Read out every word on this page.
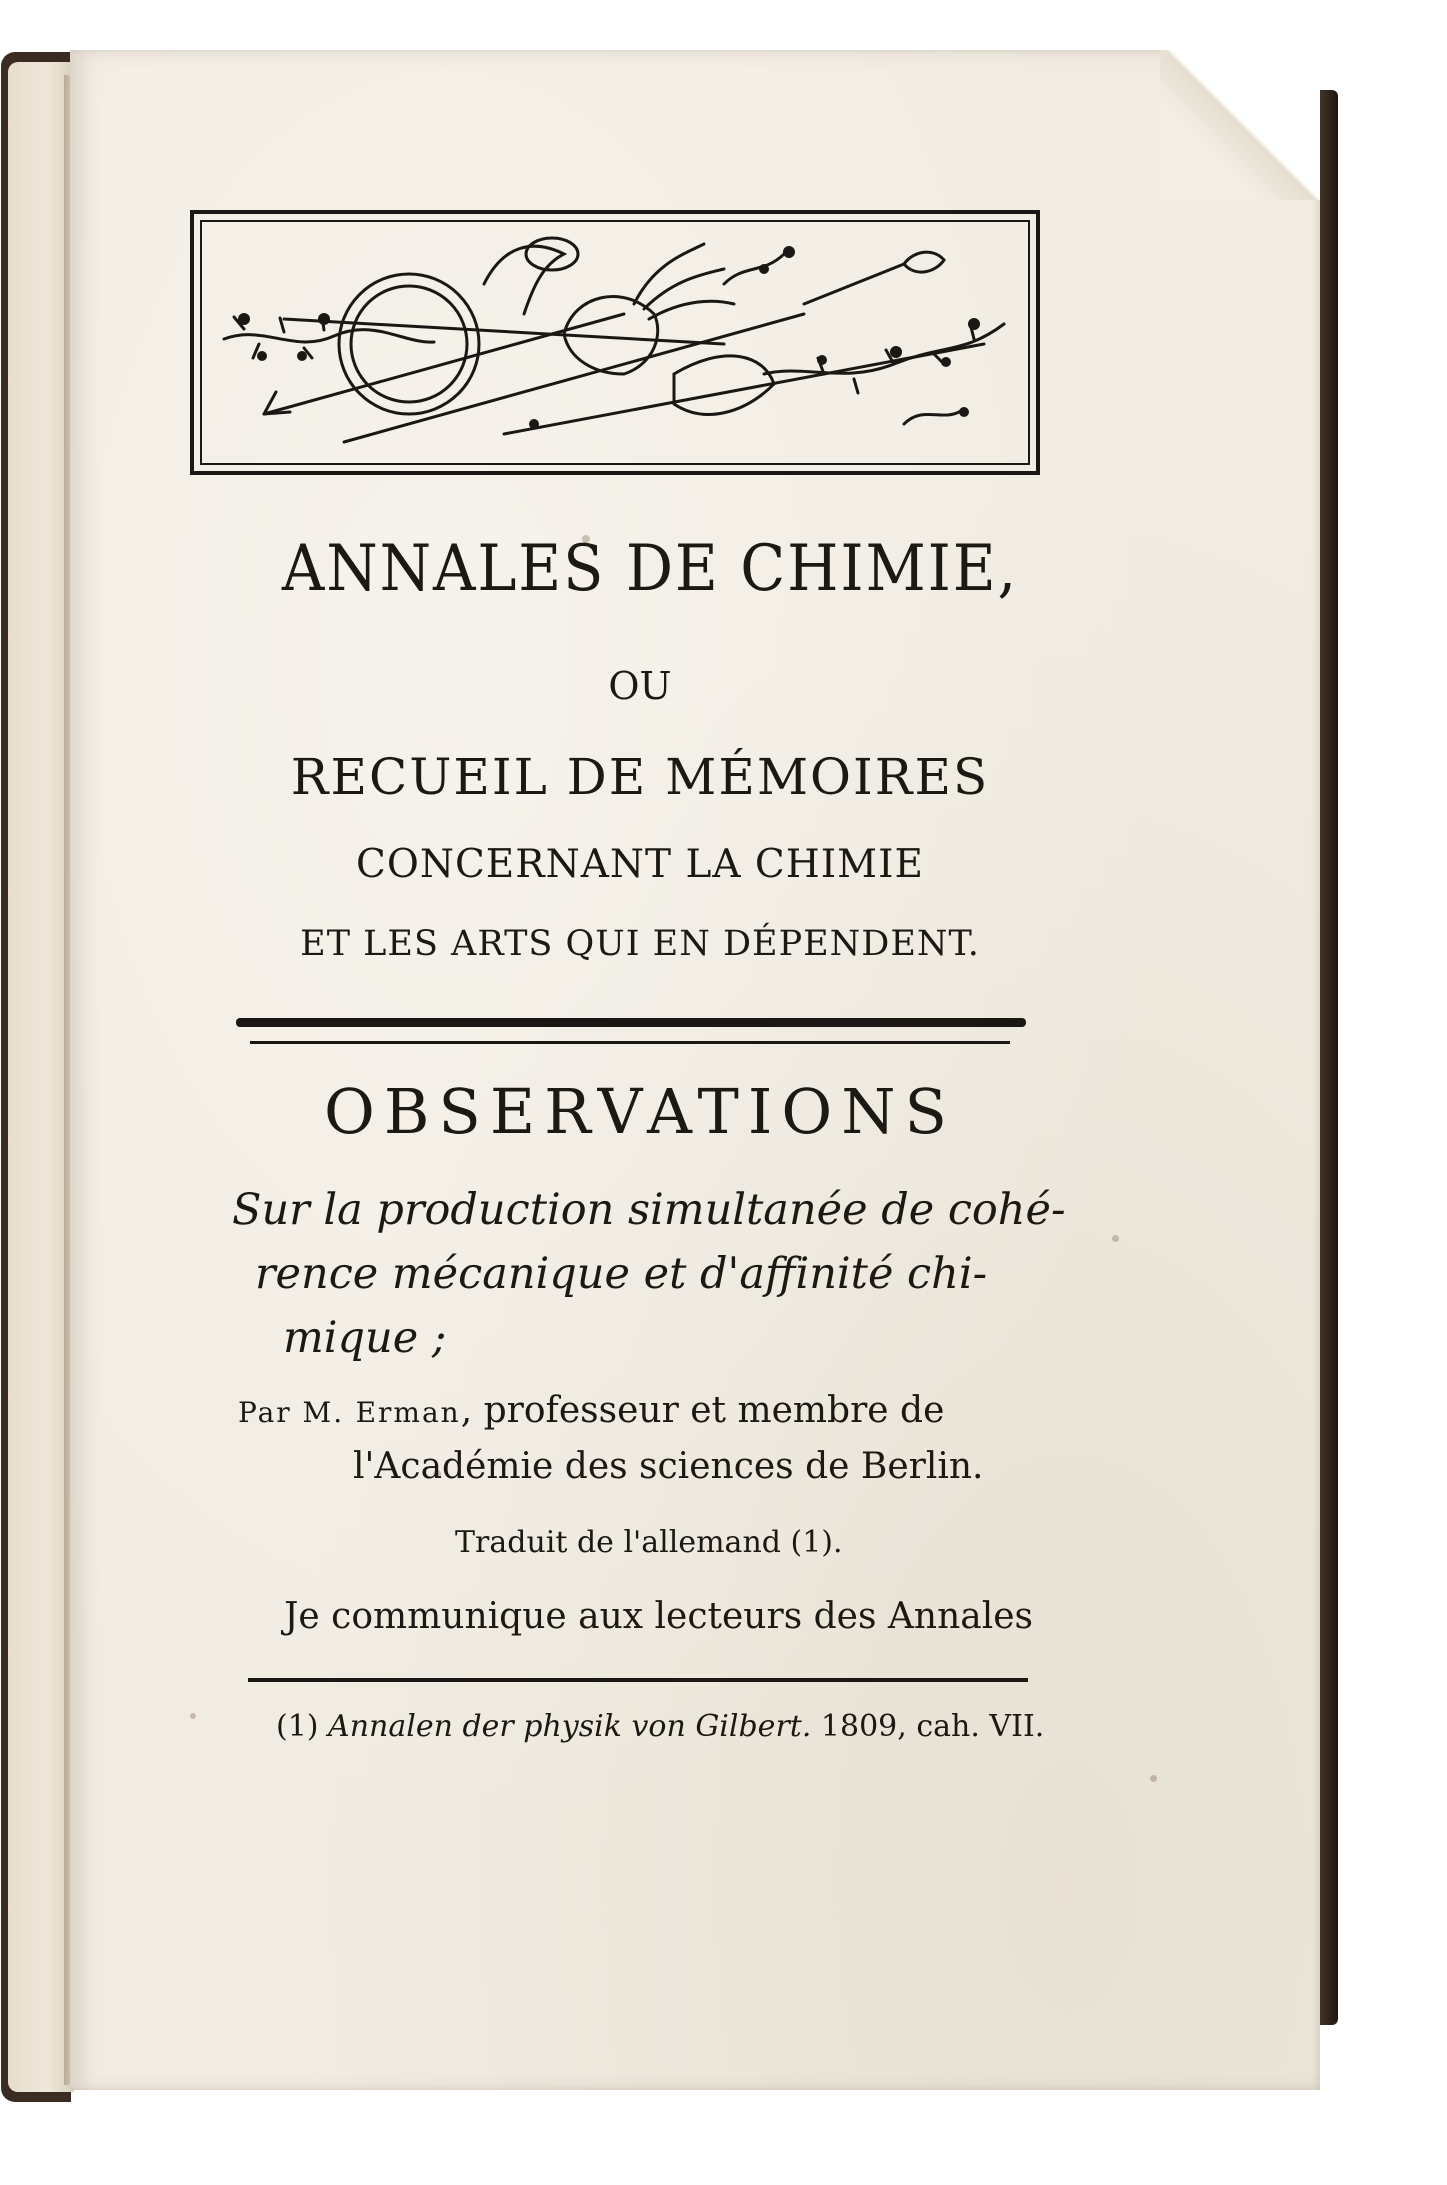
ANNALES DE CHIMIE,
OU
RECUEIL DE MÉMOIRES
CONCERNANT LA CHIMIE
ET LES ARTS QUI EN DÉPENDENT.
OBSERVATIONS
Sur la production simultanée de cohé-
rence mécanique et d'affinité chi-
mique ;
Par M. Erman, professeur et membre de
l'Académie des sciences de Berlin.
Traduit de l'allemand (1).
Je communique aux lecteurs des Annales
(1) Annalen der physik von Gilbert. 1809, cah. VII.
